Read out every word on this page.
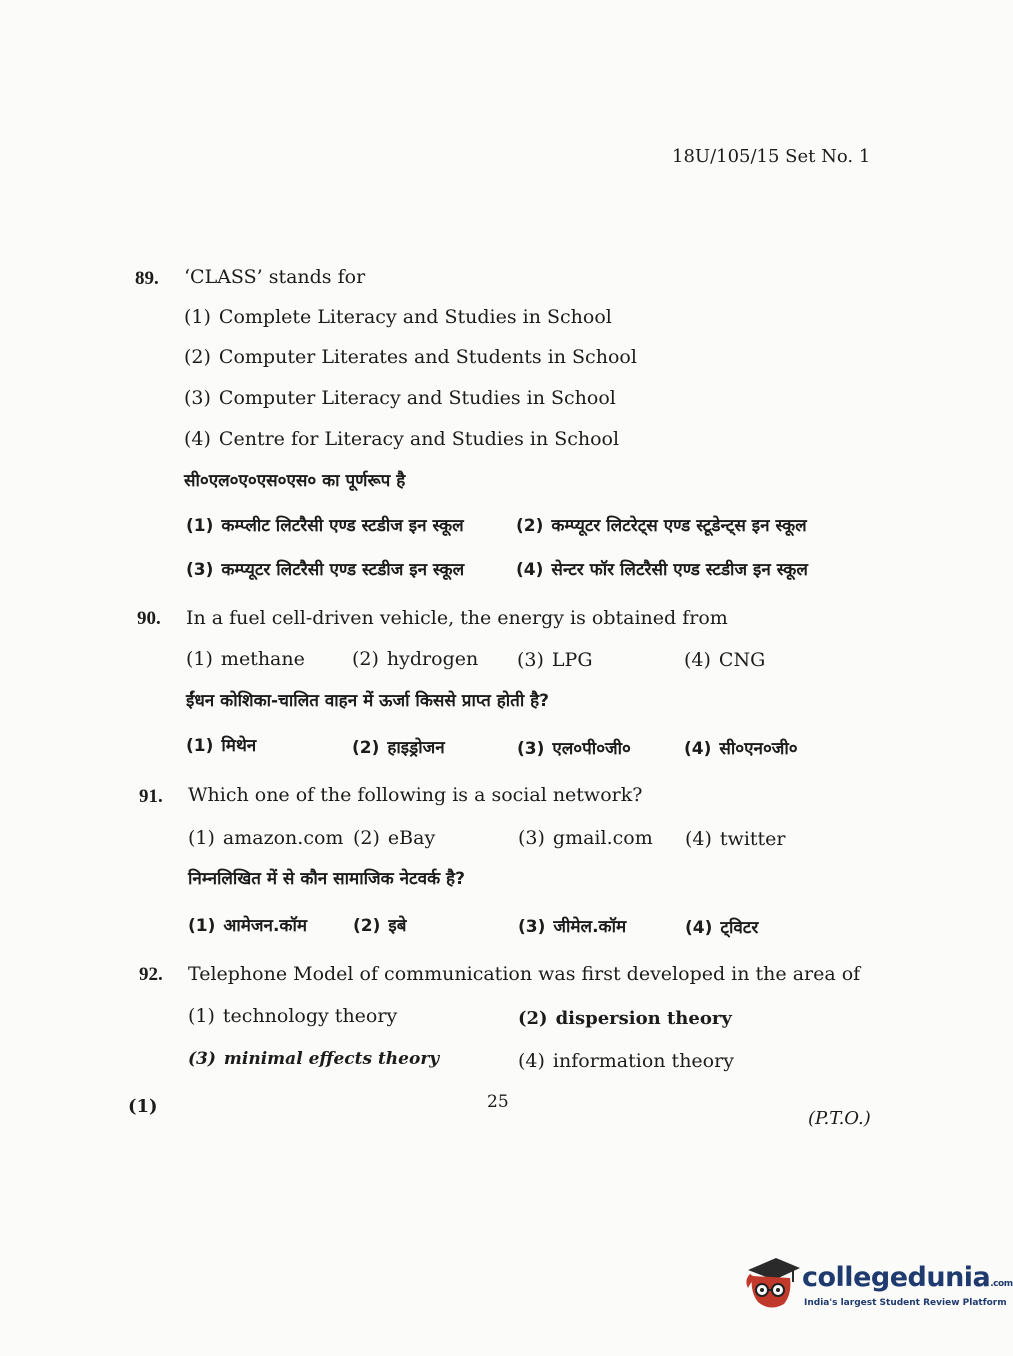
18U/105/15 Set No. 1
89. ‘CLASS’ stands for
(1) Complete Literacy and Studies in School
(2) Computer Literates and Students in School
(3) Computer Literacy and Studies in School
(4) Centre for Literacy and Studies in School
सी०एल०ए०एस०एस० का पूर्णरूप है
(1) कम्प्लीट लिटरैसी एण्ड स्टडीज इन स्कूल	(2) कम्प्यूटर लिटरेट्स एण्ड स्टूडेन्ट्स इन स्कूल
(3) कम्प्यूटर लिटरैसी एण्ड स्टडीज इन स्कूल	(4) सेन्टर फॉर लिटरैसी एण्ड स्टडीज इन स्कूल
90. In a fuel cell-driven vehicle, the energy is obtained from
(1) methane (2) hydrogen (3) LPG	(4) CNG
ईंधन कोशिका-चालित वाहन में ऊर्जा किससे प्राप्त होती है?
(1) मिथेन	(2) हाइड्रोजन	(3) एल०पी०जी०	(4) सी०एन०जी०
91. Which one of the following is a social network?
(1) amazon.com (2) eBay	(3) gmail.com (4) twitter
निम्नलिखित में से कौन सामाजिक नेटवर्क है?
(1) आमेजन.कॉम	(2) इबे	(3) जीमेल.कॉम	(4) ट्विटर
92. Telephone Model of communication was first developed in the area of
(1) technology theory	(2) dispersion theory
(3) minimal effects theory	(4) information theory
(1)	25
(P.T.O.)
collegedunia.com
India's largest Student Review Platform
